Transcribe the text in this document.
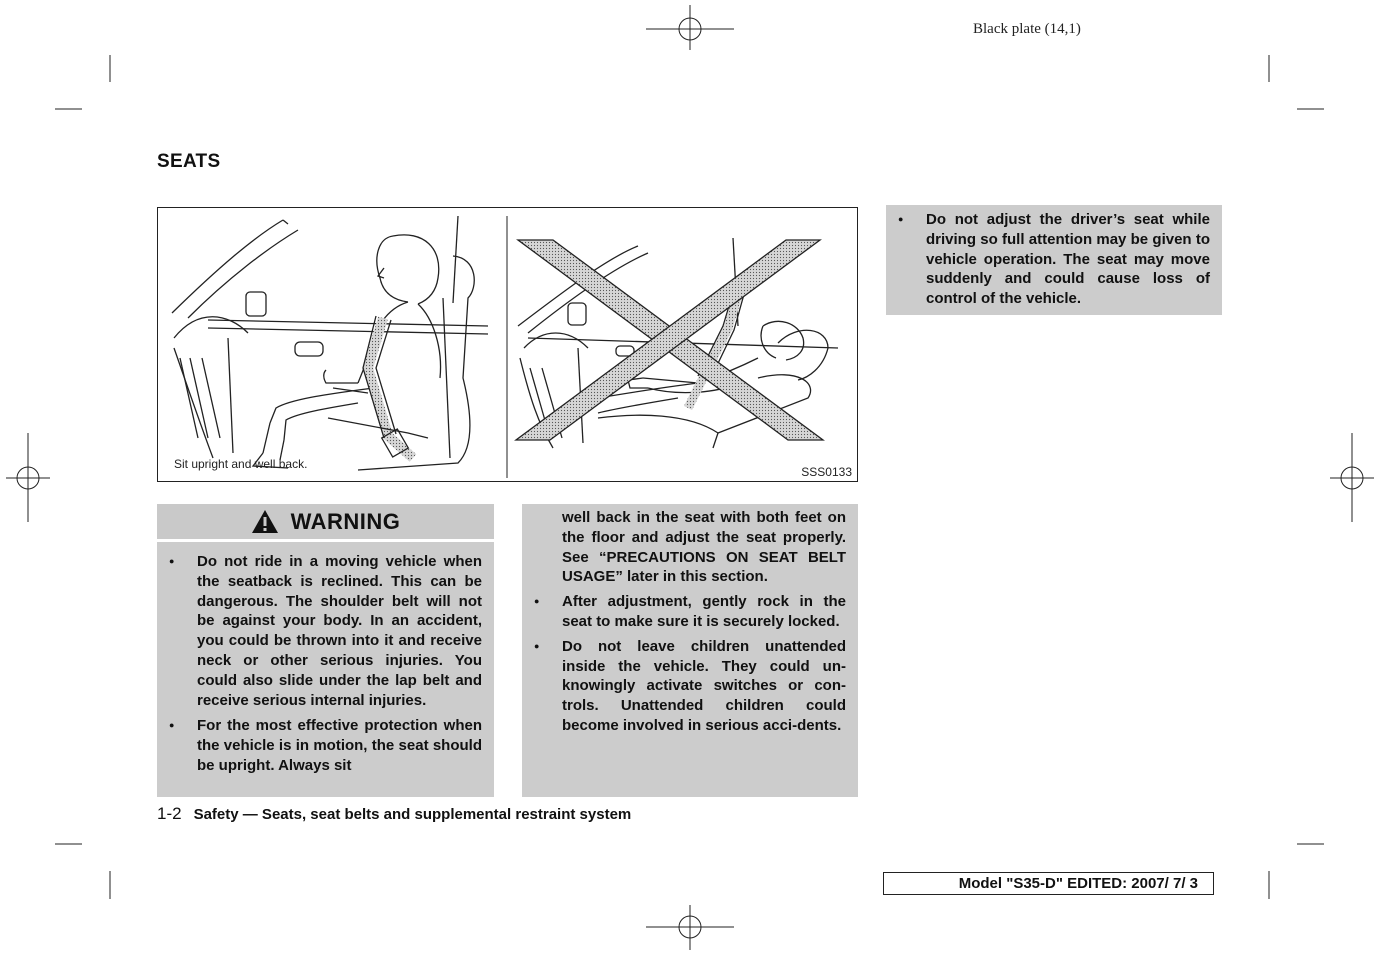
Black plate (14,1)
SEATS
Sit upright and well back.
SSS0133
WARNING
● Do not ride in a moving vehicle when the seatback is reclined. This can be dangerous. The shoulder belt will not be against your body. In an accident, you could be thrown into it and receive neck or other serious injuries. You could also slide under the lap belt and receive serious internal injuries.
● For the most effective protection when the vehicle is in motion, the seat should be upright. Always sit
well back in the seat with both feet on the floor and adjust the seat properly. See “PRECAUTIONS ON SEAT BELT USAGE” later in this section.
● After adjustment, gently rock in the seat to make sure it is securely locked.
● Do not leave children unattended inside the vehicle. They could un-knowingly activate switches or con-trols. Unattended children could become involved in serious acci-dents.
● Do not adjust the driver’s seat while driving so full attention may be given to vehicle operation. The seat may move suddenly and could cause loss of control of the vehicle.
1-2 Safety — Seats, seat belts and supplemental restraint system
Model "S35-D" EDITED: 2007/ 7/ 3
